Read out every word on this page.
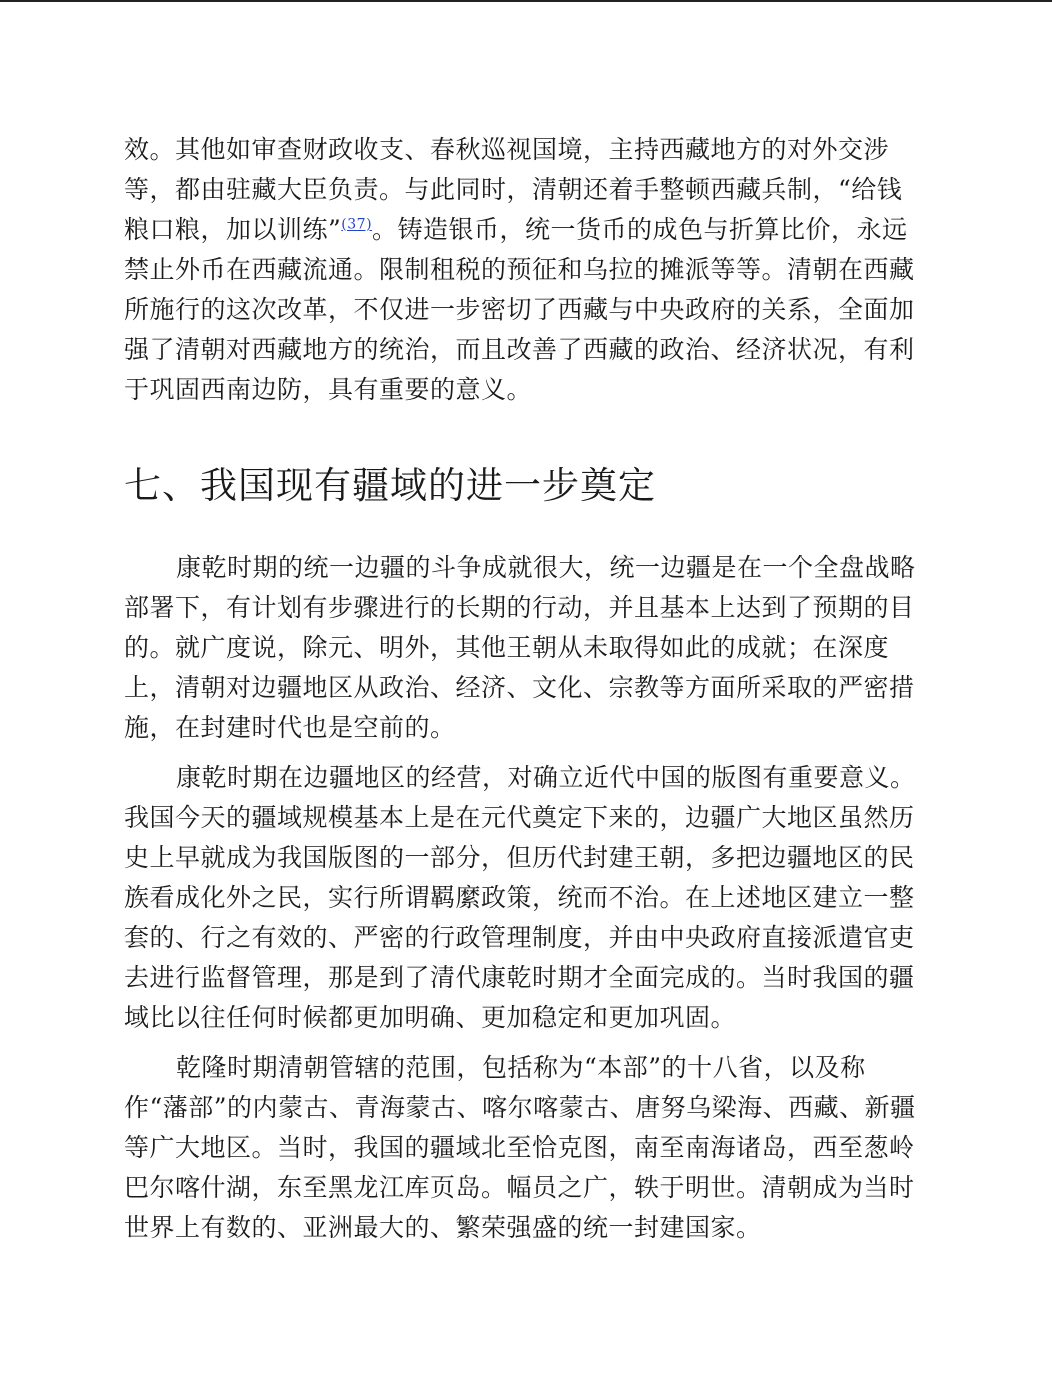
效。其他如审查财政收支、春秋巡视国境，主持西藏地方的对外交涉
等，都由驻藏大臣负责。与此同时，清朝还着手整顿西藏兵制，“给钱
粮口粮，加以训练”$^{(37)}$。铸造银币，统一货币的成色与折算比价，永远
禁止外币在西藏流通。限制租税的预征和乌拉的摊派等等。清朝在西藏
所施行的这次改革，不仅进一步密切了西藏与中央政府的关系，全面加
强了清朝对西藏地方的统治，而且改善了西藏的政治、经济状况，有利
于巩固西南边防，具有重要的意义。
七、我国现有疆域的进一步奠定
康乾时期的统一边疆的斗争成就很大，统一边疆是在一个全盘战略
部署下，有计划有步骤进行的长期的行动，并且基本上达到了预期的目
的。就广度说，除元、明外，其他王朝从未取得如此的成就；在深度
上，清朝对边疆地区从政治、经济、文化、宗教等方面所采取的严密措
施，在封建时代也是空前的。
康乾时期在边疆地区的经营，对确立近代中国的版图有重要意义。
我国今天的疆域规模基本上是在元代奠定下来的，边疆广大地区虽然历
史上早就成为我国版图的一部分，但历代封建王朝，多把边疆地区的民
族看成化外之民，实行所谓羁縻政策，统而不治。在上述地区建立一整
套的、行之有效的、严密的行政管理制度，并由中央政府直接派遣官吏
去进行监督管理，那是到了清代康乾时期才全面完成的。当时我国的疆
域比以往任何时候都更加明确、更加稳定和更加巩固。
乾隆时期清朝管辖的范围，包括称为“本部”的十八省，以及称
作“藩部”的内蒙古、青海蒙古、喀尔喀蒙古、唐努乌梁海、西藏、新疆
等广大地区。当时，我国的疆域北至恰克图，南至南海诸岛，西至葱岭
巴尔喀什湖，东至黑龙江库页岛。幅员之广，轶于明世。清朝成为当时
世界上有数的、亚洲最大的、繁荣强盛的统一封建国家。
